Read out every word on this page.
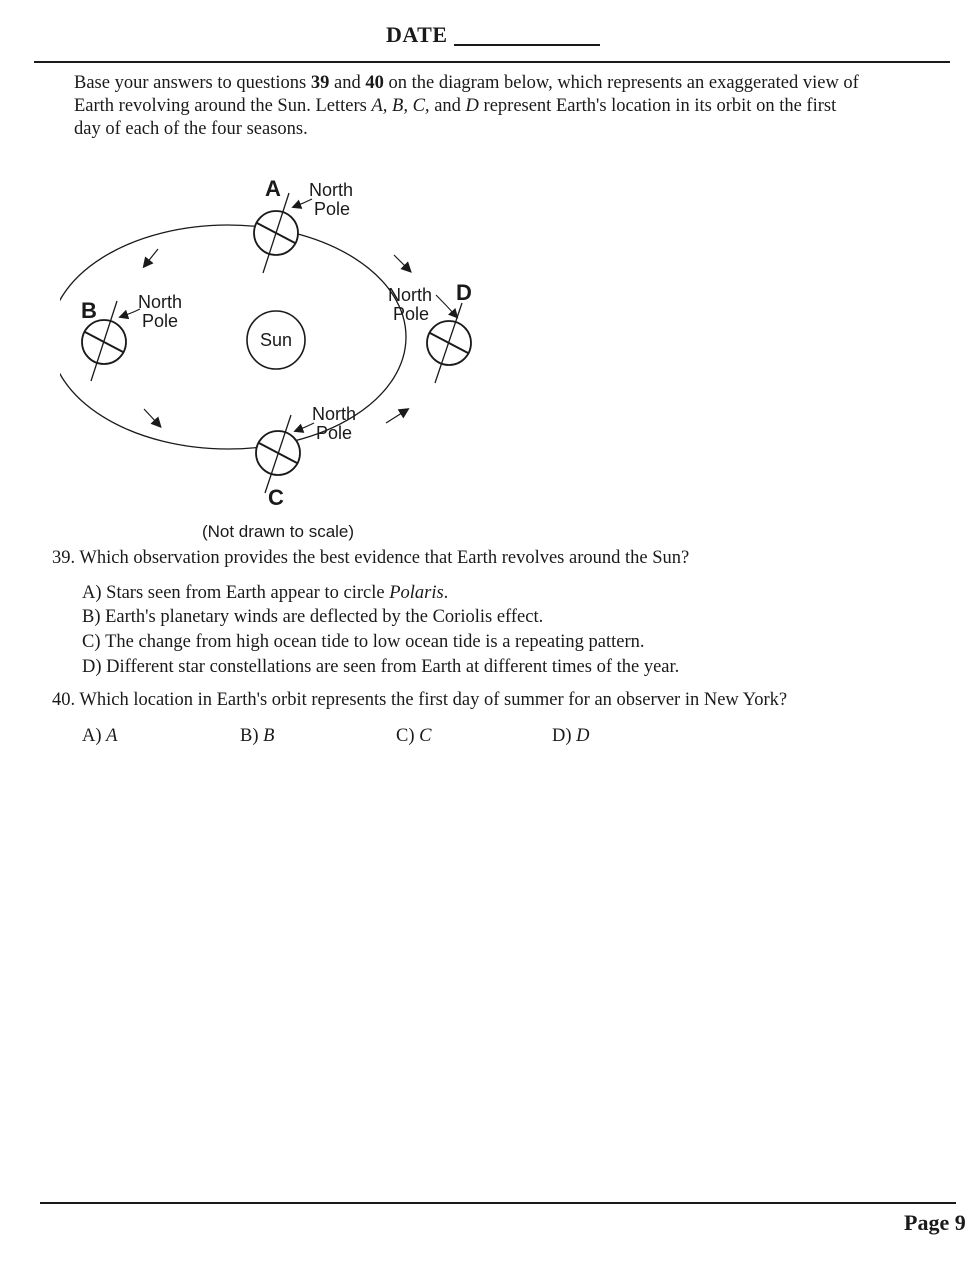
DATE

Base your answers to questions 39 and 40 on the diagram below, which represents an exaggerated view of Earth revolving around the Sun. Letters A, B, C, and D represent Earth's location in its orbit on the first day of each of the four seasons.

Sun
A North
Pole
B North
Pole
C
North
Pole
D
North
Pole
(Not drawn to scale)
39. Which observation provides the best evidence that Earth revolves around the Sun?
A) Stars seen from Earth appear to circle Polaris.
B) Earth's planetary winds are deflected by the Coriolis effect.
C) The change from high ocean tide to low ocean tide is a repeating pattern.
D) Different star constellations are seen from Earth at different times of the year.
40. Which location in Earth's orbit represents the first day of summer for an observer in New York?
A) A	B) B	C) C	D) D
Page 9
